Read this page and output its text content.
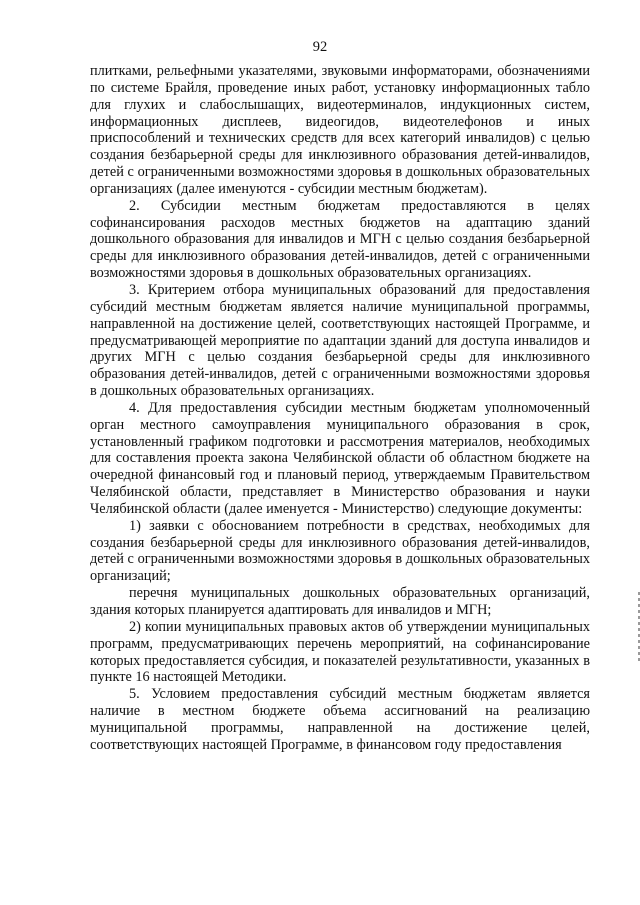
92

плитками, рельефными указателями, звуковыми информаторами, обозначениями по системе Брайля, проведение иных работ, установку информационных табло для глухих и слабослышащих, видеотерминалов, индукционных систем, информационных дисплеев, видеогидов, видеотелефонов и иных приспособлений и технических средств для всех категорий инвалидов) с целью создания безбарьерной среды для инклюзивного образования детей-инвалидов, детей с ограниченными возможностями здоровья в дошкольных образовательных организациях (далее именуются - субсидии местным бюджетам).

2. Субсидии местным бюджетам предоставляются в целях софинансирования расходов местных бюджетов на адаптацию зданий дошкольного образования для инвалидов и МГН с целью создания безбарьерной среды для инклюзивного образования детей-инвалидов, детей с ограниченными возможностями здоровья в дошкольных образовательных организациях.

3. Критерием отбора муниципальных образований для предоставления субсидий местным бюджетам является наличие муниципальной программы, направленной на достижение целей, соответствующих настоящей Программе, и предусматривающей мероприятие по адаптации зданий для доступа инвалидов и других МГН с целью создания безбарьерной среды для инклюзивного образования детей-инвалидов, детей с ограниченными возможностями здоровья в дошкольных образовательных организациях.

4. Для предоставления субсидии местным бюджетам уполномоченный орган местного самоуправления муниципального образования в срок, установленный графиком подготовки и рассмотрения материалов, необходимых для составления проекта закона Челябинской области об областном бюджете на очередной финансовый год и плановый период, утверждаемым Правительством Челябинской области, представляет в Министерство образования и науки Челябинской области (далее именуется - Министерство) следующие документы:

1) заявки с обоснованием потребности в средствах, необходимых для создания безбарьерной среды для инклюзивного образования детей-инвалидов, детей с ограниченными возможностями здоровья в дошкольных образовательных организаций;

перечня муниципальных дошкольных образовательных организаций, здания которых планируется адаптировать для инвалидов и МГН;

2) копии муниципальных правовых актов об утверждении муниципальных программ, предусматривающих перечень мероприятий, на софинансирование которых предоставляется субсидия, и показателей результативности, указанных в пункте 16 настоящей Методики.

5. Условием предоставления субсидий местным бюджетам является наличие в местном бюджете объема ассигнований на реализацию муниципальной программы, направленной на достижение целей, соответствующих настоящей Программе, в финансовом году предоставления
